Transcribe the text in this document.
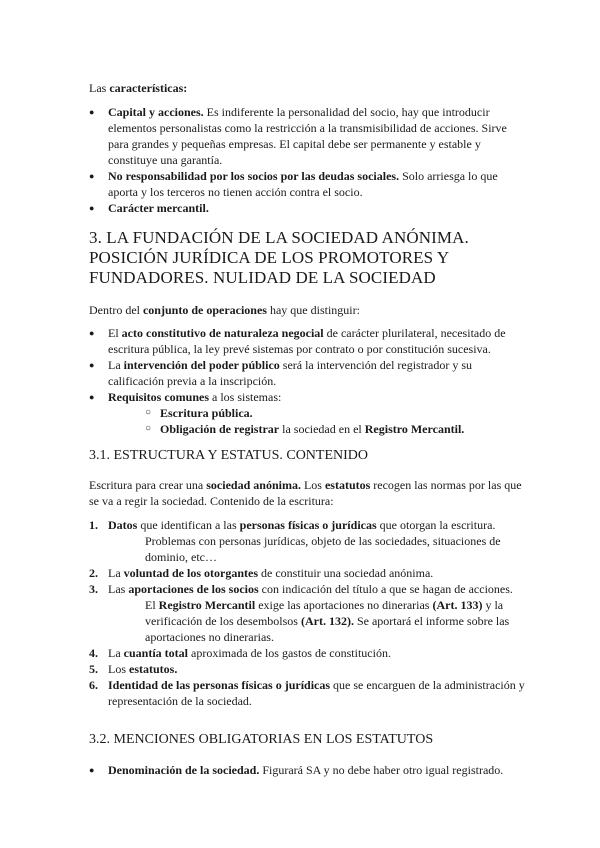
Las características:

● Capital y acciones. Es indiferente la personalidad del socio, hay que introducir elementos personalistas como la restricción a la transmisibilidad de acciones. Sirve para grandes y pequeñas empresas. El capital debe ser permanente y estable y constituye una garantía.
● No responsabilidad por los socios por las deudas sociales. Solo arriesga lo que aporta y los terceros no tienen acción contra el socio.
● Carácter mercantil.
3. LA FUNDACIÓN DE LA SOCIEDAD ANÓNIMA. POSICIÓN JURÍDICA DE LOS PROMOTORES Y FUNDADORES. NULIDAD DE LA SOCIEDAD

Dentro del conjunto de operaciones hay que distinguir:

● El acto constitutivo de naturaleza negocial de carácter plurilateral, necesitado de escritura pública, la ley prevé sistemas por contrato o por constitución sucesiva.
● La intervención del poder público será la intervención del registrador y su calificación previa a la inscripción.
● Requisitos comunes a los sistemas:
○ Escritura pública.
○ Obligación de registrar la sociedad en el Registro Mercantil.
3.1. ESTRUCTURA Y ESTATUS. CONTENIDO

Escritura para crear una sociedad anónima. Los estatutos recogen las normas por las que se va a regir la sociedad. Contenido de la escritura:

1. Datos que identifican a las personas físicas o jurídicas que otorgan la escritura.
Problemas con personas jurídicas, objeto de las sociedades, situaciones de dominio, etc…
2. La voluntad de los otorgantes de constituir una sociedad anónima.
3. Las aportaciones de los socios con indicación del título a que se hagan de acciones.
El Registro Mercantil exige las aportaciones no dinerarias (Art. 133) y la verificación de los desembolsos (Art. 132). Se aportará el informe sobre las aportaciones no dinerarias.
4. La cuantía total aproximada de los gastos de constitución.
5. Los estatutos.
6. Identidad de las personas físicas o jurídicas que se encarguen de la administración y representación de la sociedad.
3.2. MENCIONES OBLIGATORIAS EN LOS ESTATUTOS
● Denominación de la sociedad. Figurará SA y no debe haber otro igual registrado.
